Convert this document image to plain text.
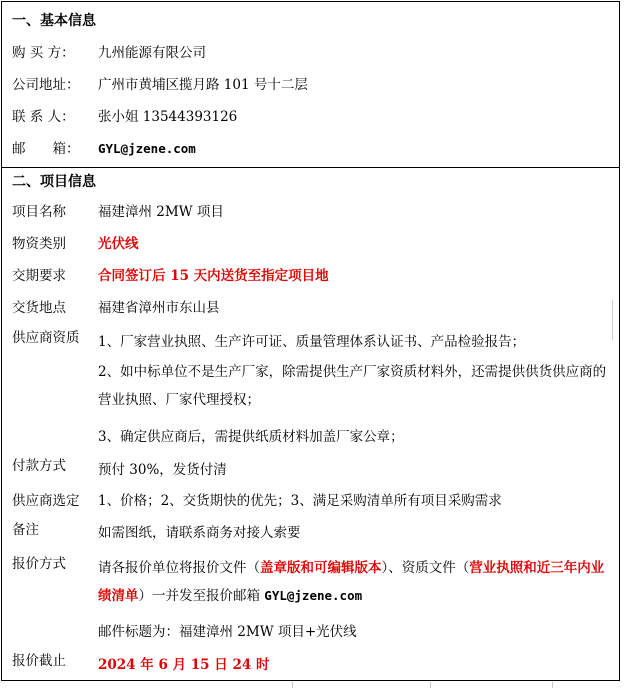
一、基本信息
购 买 方： 九州能源有限公司
公司地址： 广州市黄埔区揽月路 101 号十二层
联 系 人： 张小姐 13544393126
邮　　箱： GYL@jzene.com
二、项目信息
项目名称 福建漳州 2MW 项目
物资类别 光伏线
交期要求 合同签订后 15 天内送货至指定项目地
交货地点 福建省漳州市东山县
供应商资质 1、厂家营业执照、生产许可证、质量管理体系认证书、产品检验报告；
2、如中标单位不是生产厂家，除需提供生产厂家资质材料外，还需提供供货供应商的营业执照、厂家代理授权；
3、确定供应商后，需提供纸质材料加盖厂家公章；
付款方式 预付 30%，发货付清
供应商选定 1、价格；2、交货期快的优先；3、满足采购清单所有项目采购需求
备注	如需图纸，请联系商务对接人索要
报价方式 请各报价单位将报价文件（盖章版和可编辑版本）、资质文件（营业执照和近三年内业绩清单）一并发至报价邮箱 GYL@jzene.com
邮件标题为：福建漳州 2MW 项目+光伏线
报价截止 2024 年 6 月 15 日 24 时
